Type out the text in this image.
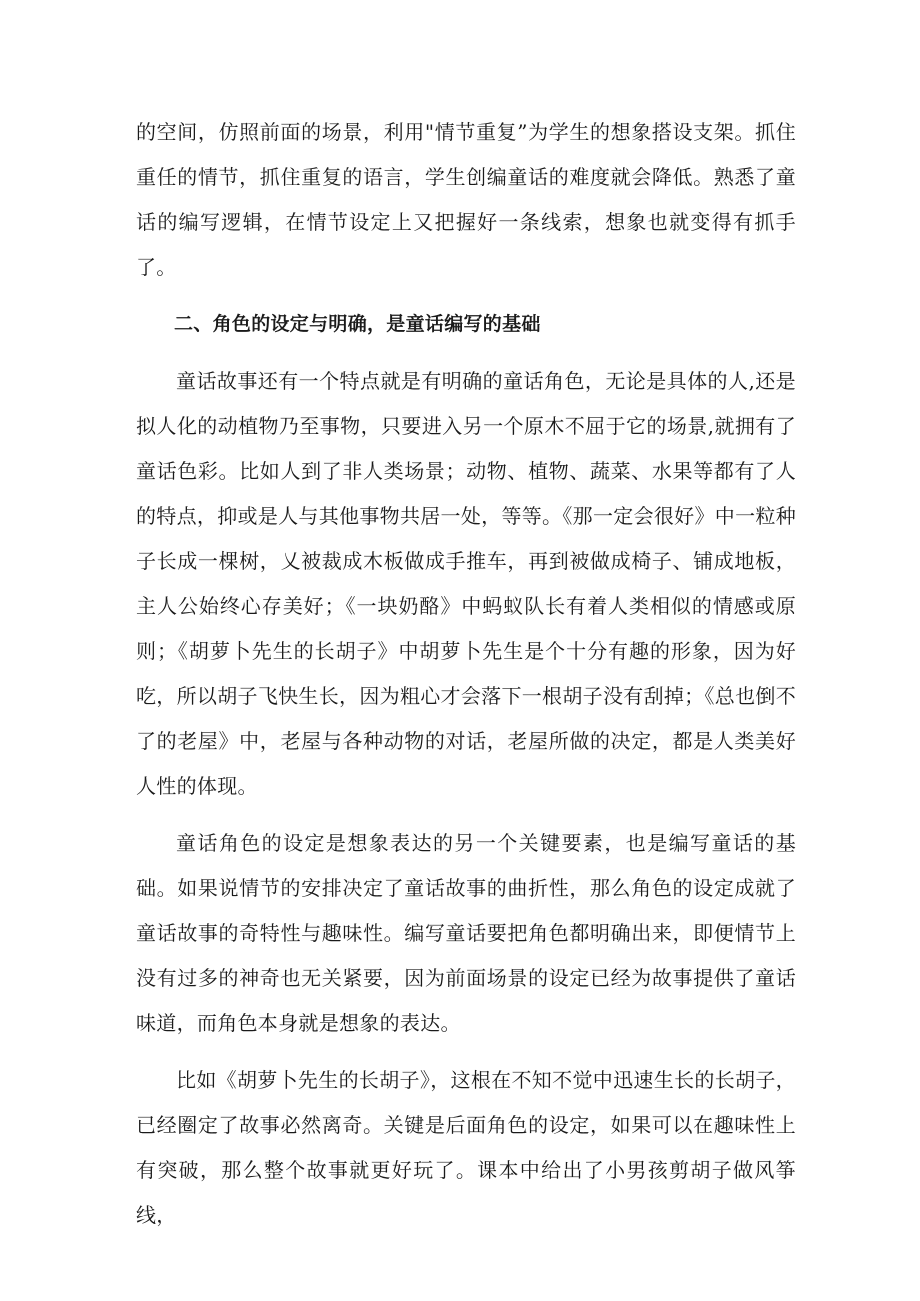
的空间，仿照前面的场景，利用"情节重复”为学生的想象搭设支架。抓住重任的情节，抓住重复的语言，学生创编童话的难度就会降低。熟悉了童话的编写逻辑，在情节设定上又把握好一条线索，想象也就变得有抓手了。

二、角色的设定与明确，是童话编写的基础

童话故事还有一个特点就是有明确的童话角色，无论是具体的人,还是拟人化的动植物乃至事物，只要进入另一个原木不屈于它的场景,就拥有了童话色彩。比如人到了非人类场景；动物、植物、蔬菜、水果等都有了人的特点，抑或是人与其他事物共居一处，等等。《那一定会很好》中一粒种子长成一棵树，乂被裁成木板做成手推车，再到被做成椅子、铺成地板，主人公始终心存美好；《一块奶酪》中蚂蚁队长有着人类相似的情感或原则；《胡萝卜先生的长胡子》中胡萝卜先生是个十分有趣的形象，因为好吃，所以胡子飞快生长，因为粗心才会落下一根胡子没有刮掉；《总也倒不了的老屋》中，老屋与各种动物的对话，老屋所做的决定，都是人类美好人性的体现。

童话角色的设定是想象表达的另一个关键要素，也是编写童话的基础。如果说情节的安排决定了童话故事的曲折性，那么角色的设定成就了童话故事的奇特性与趣味性。编写童话要把角色都明确出来，即便情节上没有过多的神奇也无关紧要，因为前面场景的设定已经为故事提供了童话味道，而角色本身就是想象的表达。

比如《胡萝卜先生的长胡子》，这根在不知不觉中迅速生长的长胡子，已经圈定了故事必然离奇。关键是后面角色的设定，如果可以在趣味性上有突破，那么整个故事就更好玩了。课本中给出了小男孩剪胡子做风筝线，
